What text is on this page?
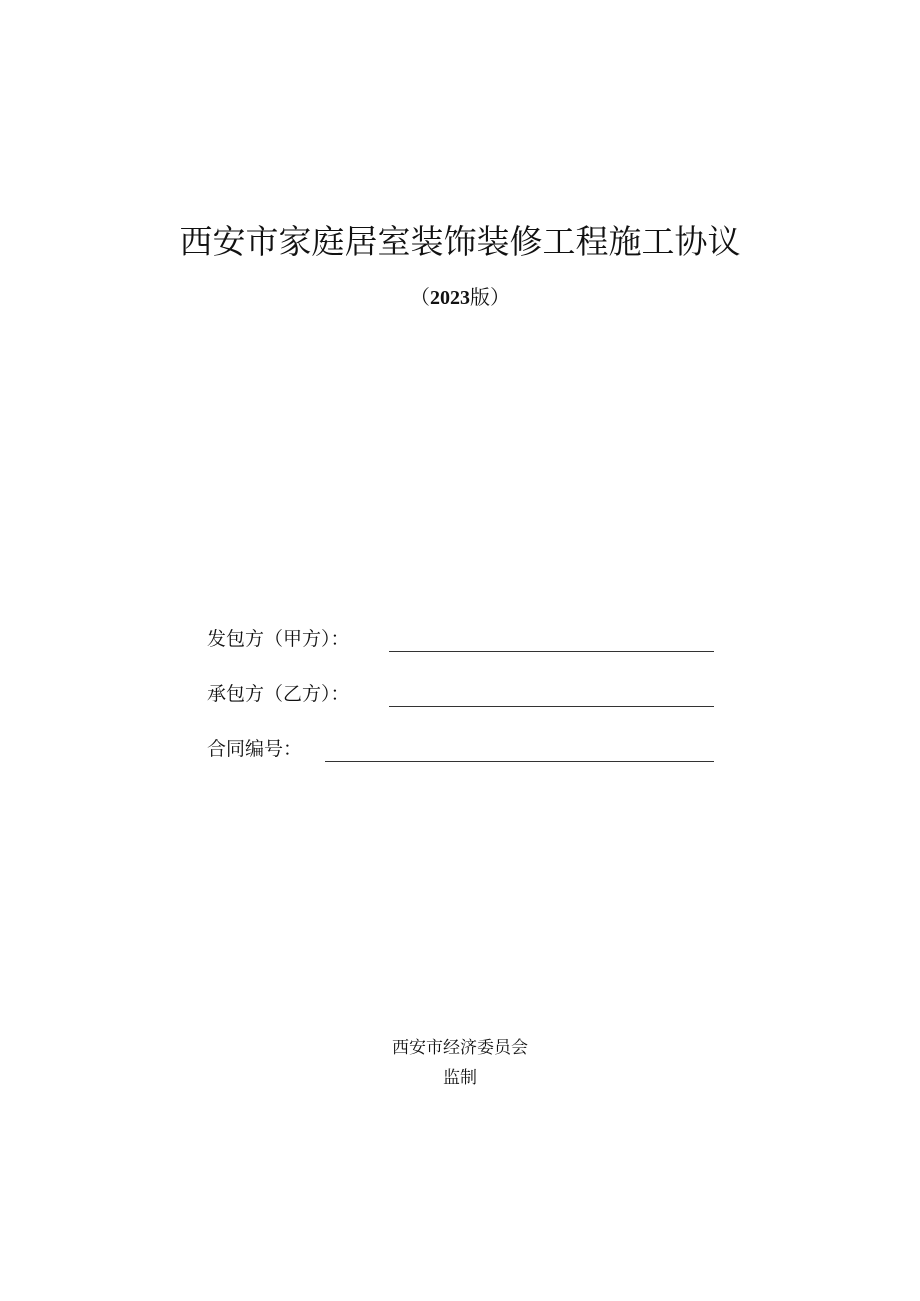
西安市家庭居室装饰装修工程施工协议
（2023版）
发包方（甲方）：
承包方（乙方）：
合同编号：
西安市经济委员会
监制
